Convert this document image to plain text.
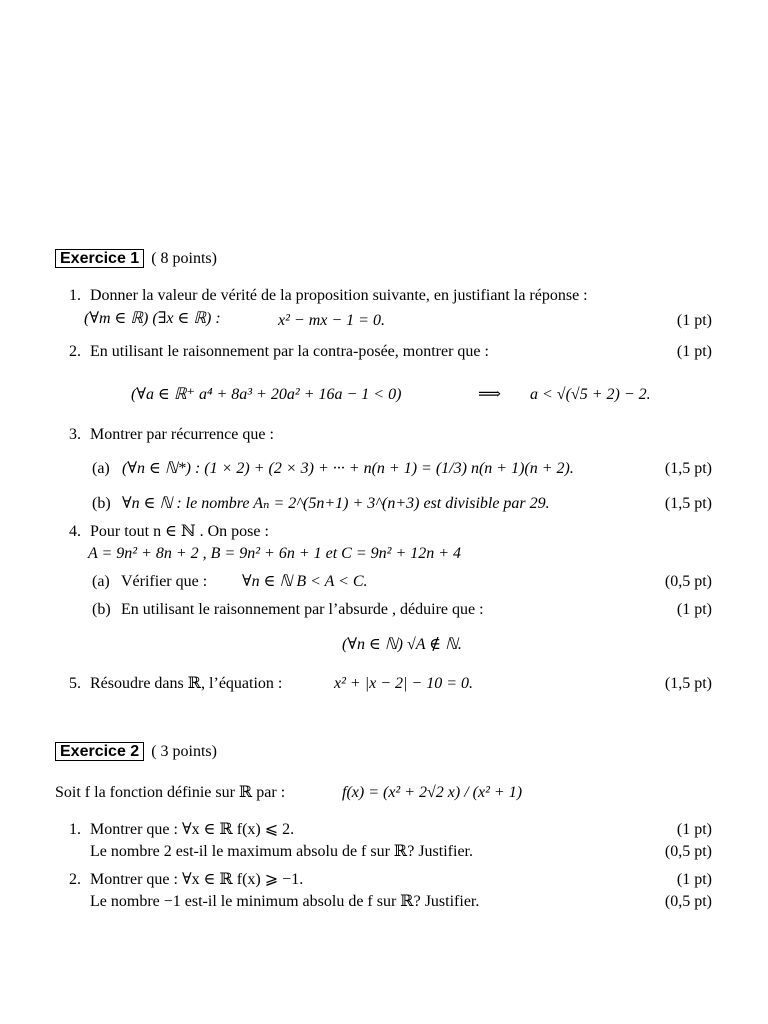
Exercice 1 ( 8 points)
1. Donner la valeur de vérité de la proposition suivante, en justifiant la réponse :
(∀m ∈ ℝ) (∃x ∈ ℝ) :	x² − mx − 1 = 0.	(1 pt)
2. En utilisant le raisonnement par la contra-posée, montrer que :	(1 pt)
(∀a ∈ ℝ⁺ a⁴ + 8a³ + 20a² + 16a − 1 < 0)	⟹ a < √(√5 + 2) − 2.
3. Montrer par récurrence que :
(a) (∀n ∈ ℕ*) : (1 × 2) + (2 × 3) + ··· + n(n + 1) = (1/3) n(n + 1)(n + 2).	(1,5 pt)
(b) ∀n ∈ ℕ : le nombre Aₙ = 2^(5n+1) + 3^(n+3) est divisible par 29.	(1,5 pt)
4. Pour tout n ∈ ℕ . On pose :
A = 9n² + 8n + 2 , B = 9n² + 6n + 1 et C = 9n² + 12n + 4
(a) Vérifier que : ∀n ∈ ℕ B < A < C.	(0,5 pt)
(b) En utilisant le raisonnement par l’absurde , déduire que :	(1 pt)
(∀n ∈ ℕ) √A ∉ ℕ.
5. Résoudre dans ℝ, l’équation :	x² + |x − 2| − 10 = 0.	(1,5 pt)
Exercice 2 ( 3 points)
Soit f la fonction définie sur ℝ par :	f(x) = (x² + 2√2 x) / (x² + 1)
1. Montrer que : ∀x ∈ ℝ f(x) ⩽ 2.	(1 pt)
Le nombre 2 est-il le maximum absolu de f sur ℝ? Justifier.	(0,5 pt)
2. Montrer que : ∀x ∈ ℝ f(x) ⩾ −1.	(1 pt)
Le nombre −1 est-il le minimum absolu de f sur ℝ? Justifier.	(0,5 pt)
